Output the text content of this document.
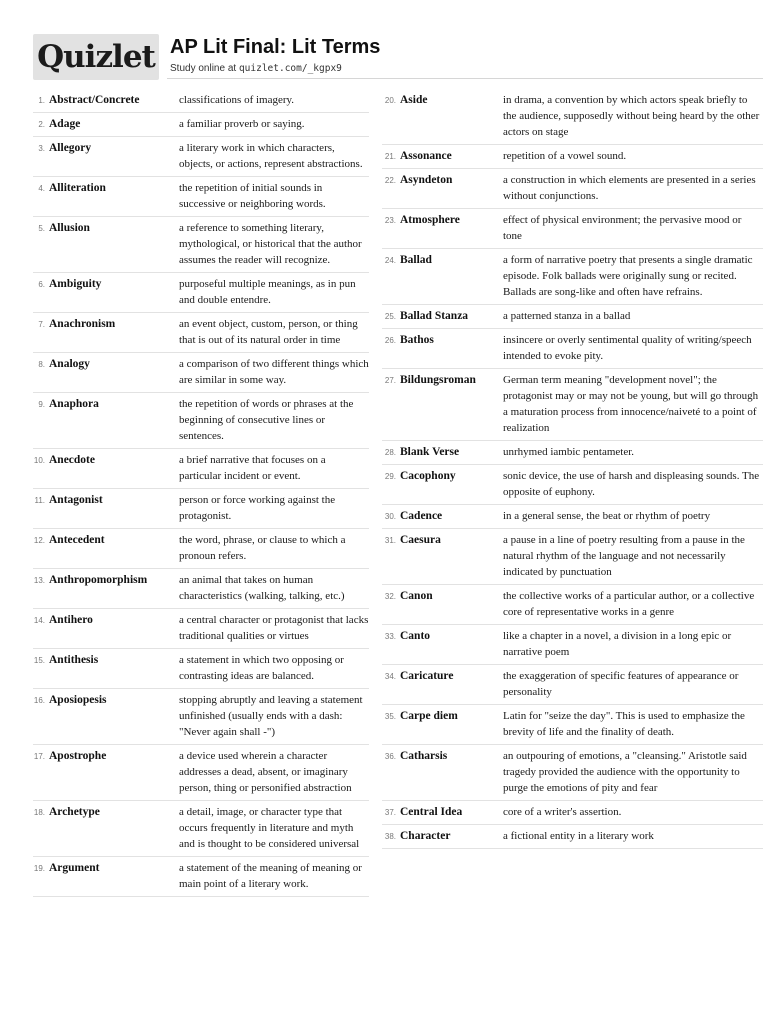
Quizlet AP Lit Final: Lit Terms
Study online at quizlet.com/_kgpx9
1. Abstract/Concrete	classifications of imagery.
2. Adage	a familiar proverb or saying.
3. Allegory	a literary work in which characters, objects, or actions, represent abstractions.
4. Alliteration	the repetition of initial sounds in successive or neighboring words.
5. Allusion	a reference to something literary, mythological, or historical that the author assumes the reader will recognize.
6. Ambiguity	purposeful multiple meanings, as in pun and double entendre.
7. Anachronism	an event object, custom, person, or thing that is out of its natural order in time
8. Analogy	a comparison of two different things which are similar in some way.
9. Anaphora	the repetition of words or phrases at the beginning of consecutive lines or sentences.
10. Anecdote	a brief narrative that focuses on a particular incident or event.
11. Antagonist	person or force working against the protagonist.
12. Antecedent	the word, phrase, or clause to which a pronoun refers.
13. Anthropomorphism	an animal that takes on human characteristics (walking, talking, etc.)
14. Antihero	a central character or protagonist that lacks traditional qualities or virtues
15. Antithesis	a statement in which two opposing or contrasting ideas are balanced.
16. Aposiopesis	stopping abruptly and leaving a statement unfinished (usually ends with a dash: "Never again shall -")
17. Apostrophe	a device used wherein a character addresses a dead, absent, or imaginary person, thing or personified abstraction
18. Archetype	a detail, image, or character type that occurs frequently in literature and myth and is thought to be considered universal
19. Argument	a statement of the meaning of meaning or main point of a literary work.
20. Aside	in drama, a convention by which actors speak briefly to the audience, supposedly without being heard by the other actors on stage
21. Assonance	repetition of a vowel sound.
22. Asyndeton	a construction in which elements are presented in a series without conjunctions.
23. Atmosphere	effect of physical environment; the pervasive mood or tone
24. Ballad	a form of narrative poetry that presents a single dramatic episode. Folk ballads were originally sung or recited. Ballads are song-like and often have refrains.
25. Ballad Stanza	a patterned stanza in a ballad
26. Bathos	insincere or overly sentimental quality of writing/speech intended to evoke pity.
27. Bildungsroman	German term meaning "development novel"; the protagonist may or may not be young, but will go through a maturation process from innocence/naiveté to a point of realization
28. Blank Verse	unrhymed iambic pentameter.
29. Cacophony	sonic device, the use of harsh and displeasing sounds. The opposite of euphony.
30. Cadence	in a general sense, the beat or rhythm of poetry
31. Caesura	a pause in a line of poetry resulting from a pause in the natural rhythm of the language and not necessarily indicated by punctuation
32. Canon	the collective works of a particular author, or a collective core of representative works in a genre
33. Canto	like a chapter in a novel, a division in a long epic or narrative poem
34. Caricature	the exaggeration of specific features of appearance or personality
35. Carpe diem	Latin for "seize the day". This is used to emphasize the brevity of life and the finality of death.
36. Catharsis	an outpouring of emotions, a "cleansing." Aristotle said tragedy provided the audience with the opportunity to purge the emotions of pity and fear
37. Central Idea	core of a writer's assertion.
38. Character	a fictional entity in a literary work
